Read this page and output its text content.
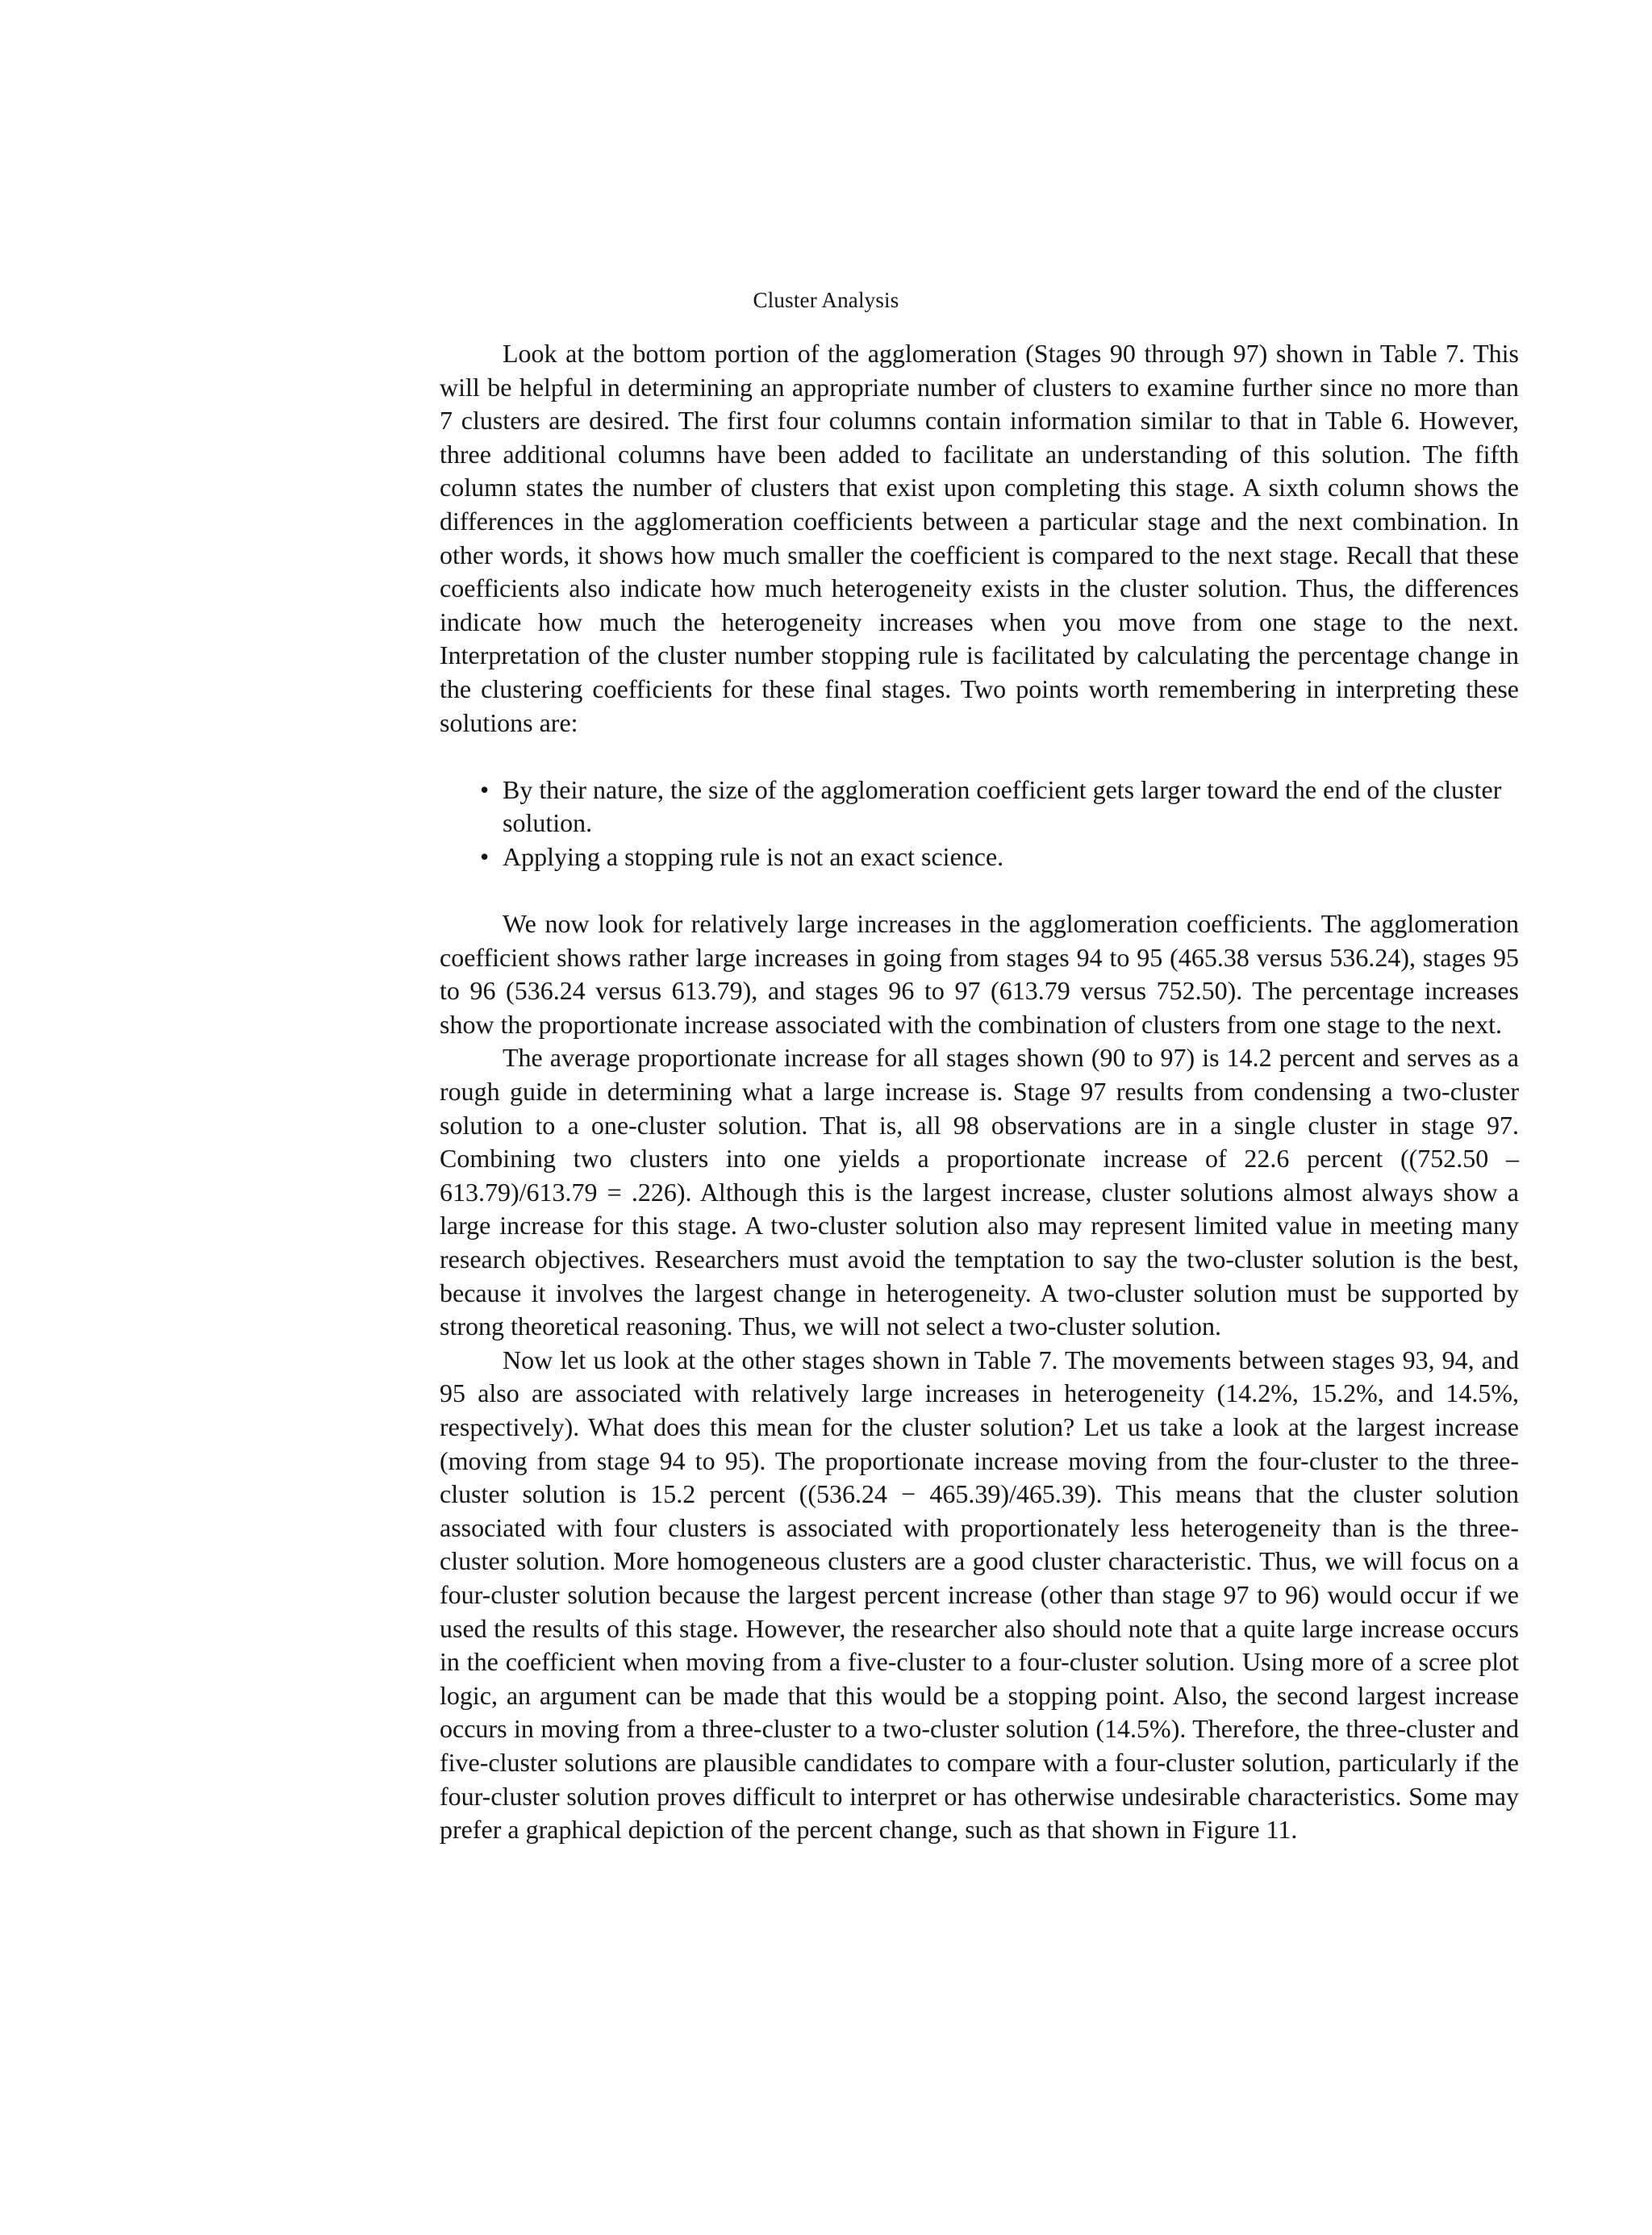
Cluster Analysis

Look at the bottom portion of the agglomeration (Stages 90 through 97) shown in Table 7. This will be helpful in determining an appropriate number of clusters to examine further since no more than 7 clusters are desired. The first four columns contain information similar to that in Table 6. However, three additional columns have been added to facilitate an understanding of this solution. The fifth column states the number of clusters that exist upon completing this stage. A sixth column shows the differences in the agglomeration coefficients between a particular stage and the next combination. In other words, it shows how much smaller the coefficient is compared to the next stage. Recall that these coefficients also indicate how much heterogeneity exists in the cluster solution. Thus, the differences indicate how much the heterogeneity increases when you move from one stage to the next. Interpretation of the cluster number stopping rule is facilitated by calculating the percentage change in the clustering coefficients for these final stages. Two points worth remembering in interpreting these solutions are:

• By their nature, the size of the agglomeration coefficient gets larger toward the end of the cluster solution.
• Applying a stopping rule is not an exact science.

We now look for relatively large increases in the agglomeration coefficients. The agglomeration coefficient shows rather large increases in going from stages 94 to 95 (465.38 versus 536.24), stages 95 to 96 (536.24 versus 613.79), and stages 96 to 97 (613.79 versus 752.50). The percentage increases show the proportionate increase associated with the combination of clusters from one stage to the next.

The average proportionate increase for all stages shown (90 to 97) is 14.2 percent and serves as a rough guide in determining what a large increase is. Stage 97 results from condensing a two-cluster solution to a one-cluster solution. That is, all 98 observations are in a single cluster in stage 97. Combining two clusters into one yields a proportionate increase of 22.6 percent ((752.50 – 613.79)/613.79 = .226). Although this is the largest increase, cluster solutions almost always show a large increase for this stage. A two-cluster solution also may represent limited value in meeting many research objectives. Researchers must avoid the temptation to say the two-cluster solution is the best, because it involves the largest change in heterogeneity. A two-cluster solution must be supported by strong theoretical reasoning. Thus, we will not select a two-cluster solution.

Now let us look at the other stages shown in Table 7. The movements between stages 93, 94, and 95 also are associated with relatively large increases in heterogeneity (14.2%, 15.2%, and 14.5%, respectively). What does this mean for the cluster solution? Let us take a look at the largest increase (moving from stage 94 to 95). The proportionate increase moving from the four-cluster to the three-cluster solution is 15.2 percent ((536.24 − 465.39)/465.39). This means that the cluster solution associated with four clusters is associated with proportionately less heterogeneity than is the three-cluster solution. More homogeneous clusters are a good cluster characteristic. Thus, we will focus on a four-cluster solution because the largest percent increase (other than stage 97 to 96) would occur if we used the results of this stage. However, the researcher also should note that a quite large increase occurs in the coefficient when moving from a five-cluster to a four-cluster solution. Using more of a scree plot logic, an argument can be made that this would be a stopping point. Also, the second largest increase occurs in moving from a three-cluster to a two-cluster solution (14.5%). Therefore, the three-cluster and five-cluster solutions are plausible candidates to compare with a four-cluster solution, particularly if the four-cluster solution proves difficult to interpret or has otherwise undesirable characteristics. Some may prefer a graphical depiction of the percent change, such as that shown in Figure 11.
